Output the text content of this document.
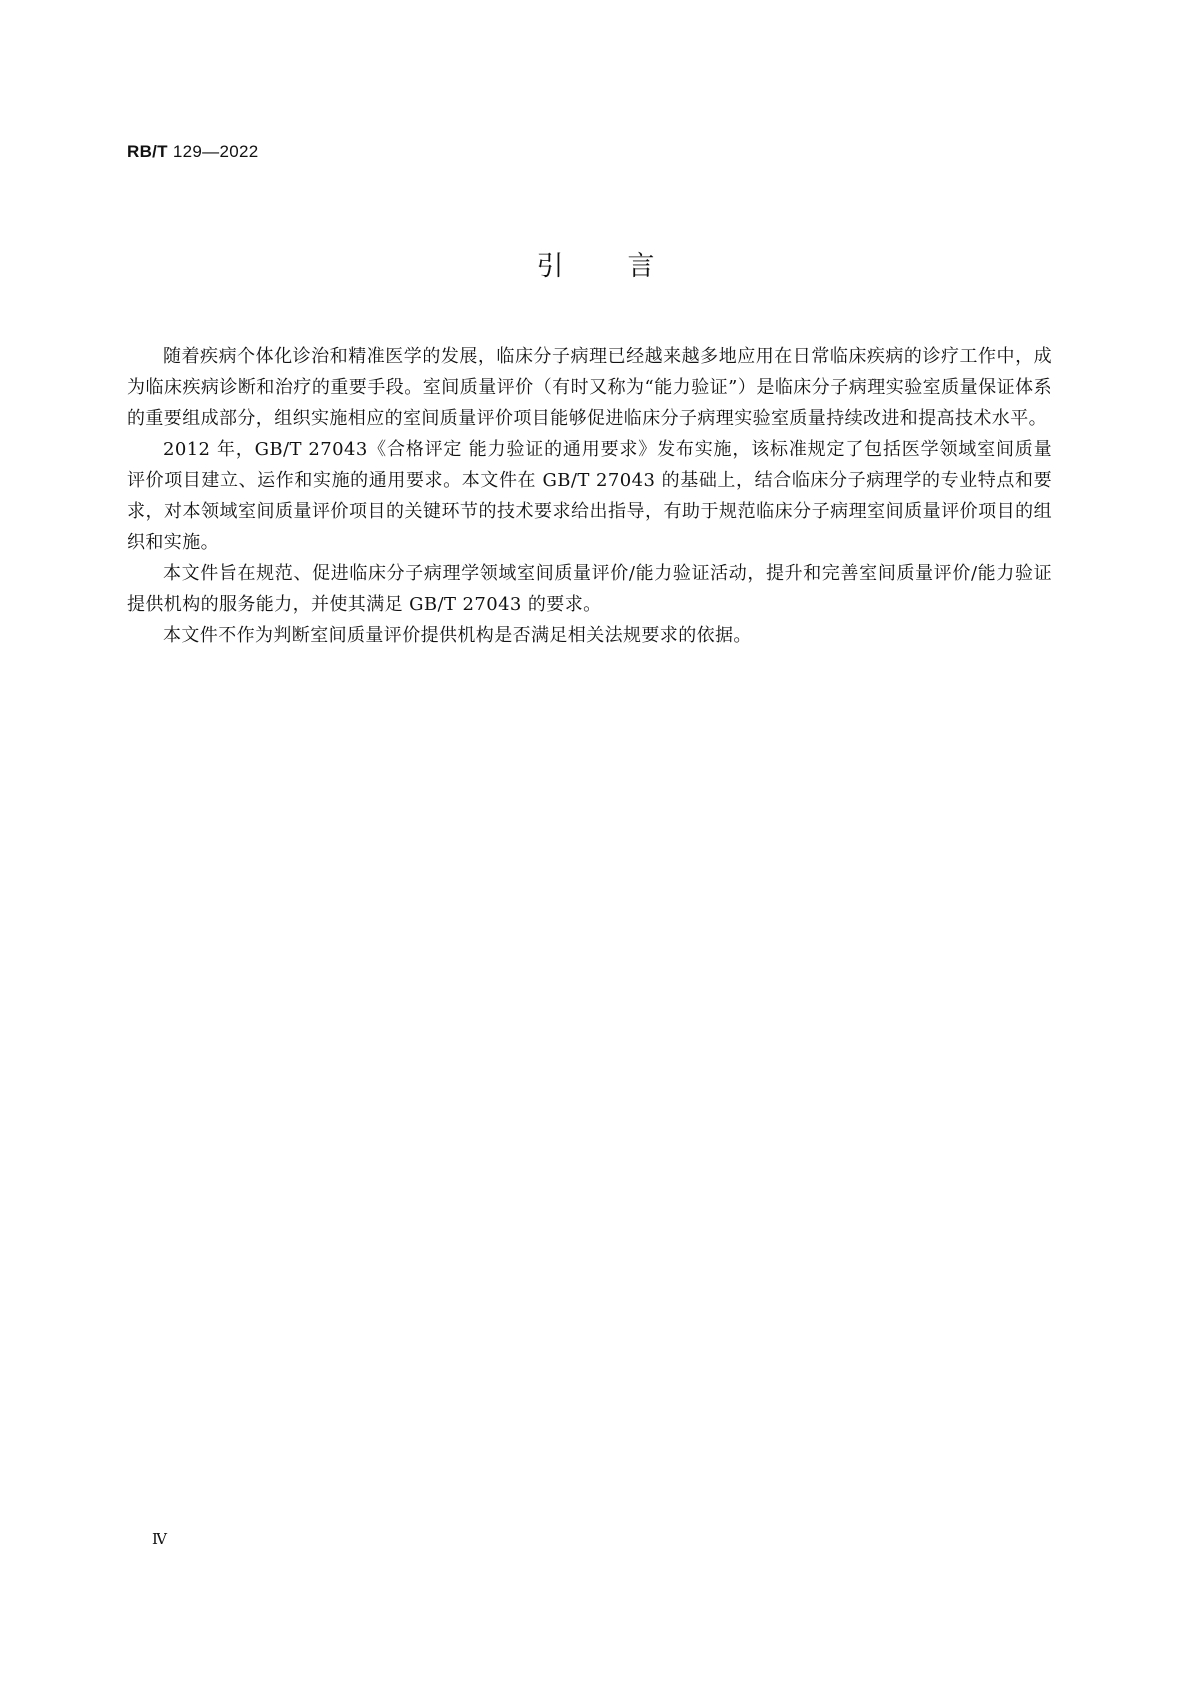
RB/T 129—2022
引 言

随着疾病个体化诊治和精准医学的发展，临床分子病理已经越来越多地应用在日常临床疾病的诊疗工作中，成为临床疾病诊断和治疗的重要手段。室间质量评价（有时又称为“能力验证”）是临床分子病理实验室质量保证体系的重要组成部分，组织实施相应的室间质量评价项目能够促进临床分子病理实验室质量持续改进和提高技术水平。

2012 年，GB/T 27043《合格评定 能力验证的通用要求》发布实施，该标准规定了包括医学领域室间质量评价项目建立、运作和实施的通用要求。本文件在 GB/T 27043 的基础上，结合临床分子病理学的专业特点和要求，对本领域室间质量评价项目的关键环节的技术要求给出指导，有助于规范临床分子病理室间质量评价项目的组织和实施。

本文件旨在规范、促进临床分子病理学领域室间质量评价/能力验证活动，提升和完善室间质量评价/能力验证提供机构的服务能力，并使其满足 GB/T 27043 的要求。

本文件不作为判断室间质量评价提供机构是否满足相关法规要求的依据。

Ⅳ
